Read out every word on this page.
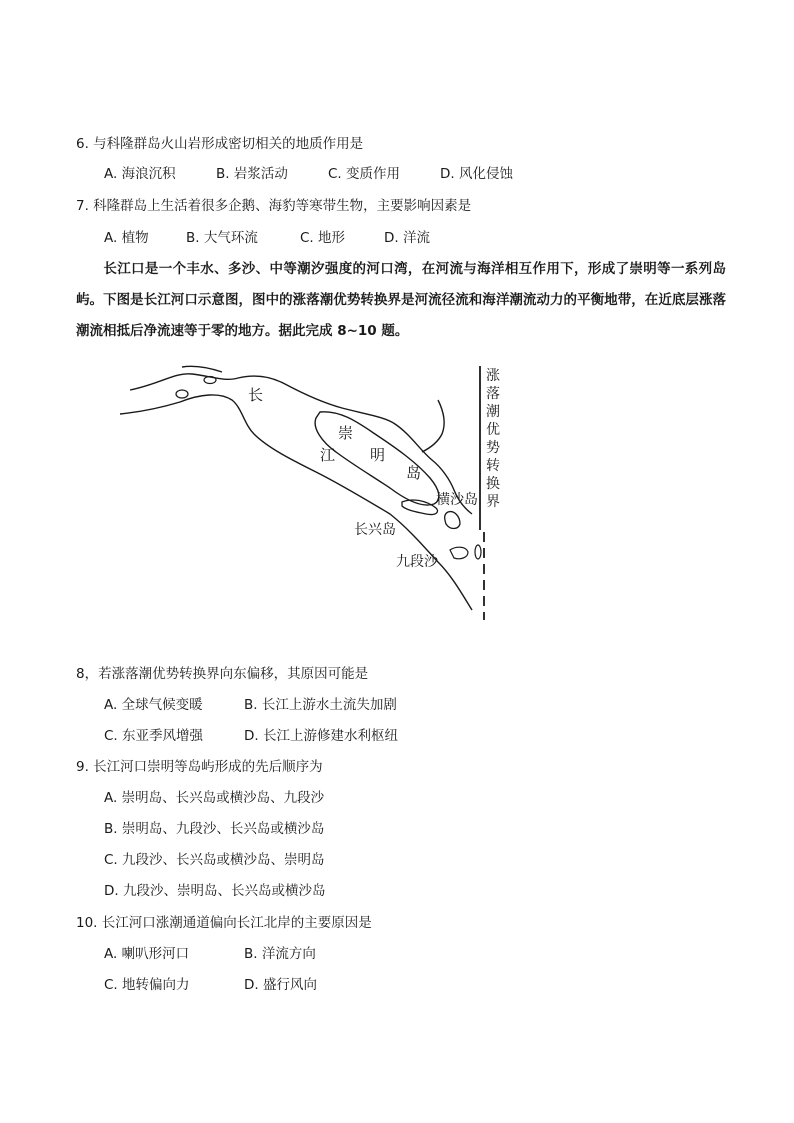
6. 与科隆群岛火山岩形成密切相关的地质作用是
A. 海浪沉积	B. 岩浆活动	C. 变质作用	D. 风化侵蚀
7. 科隆群岛上生活着很多企鹅、海豹等寒带生物，主要影响因素是
A. 植物	B. 大气环流	C. 地形	D. 洋流
长江口是一个丰水、多沙、中等潮汐强度的河口湾，在河流与海洋相互作用下，形成了崇明等一系列岛屿。下图是长江河口示意图，图中的涨落潮优势转换界是河流径流和海洋潮流动力的平衡地带，在近底层涨落潮流相抵后净流速等于零的地方。据此完成 8~10 题。
长
崇
明
岛
江
横沙岛
长兴岛
九段沙
涨
落
潮
优
势
转
换
界
8，若涨落潮优势转换界向东偏移，其原因可能是
A. 全球气候变暖	B. 长江上游水土流失加剧
C. 东亚季风增强	D. 长江上游修建水利枢纽
9. 长江河口崇明等岛屿形成的先后顺序为
A. 崇明岛、长兴岛或横沙岛、九段沙
B. 崇明岛、九段沙、长兴岛或横沙岛
C. 九段沙、长兴岛或横沙岛、崇明岛
D. 九段沙、崇明岛、长兴岛或横沙岛
10. 长江河口涨潮通道偏向长江北岸的主要原因是
A. 喇叭形河口	B. 洋流方向
C. 地转偏向力	D. 盛行风向
